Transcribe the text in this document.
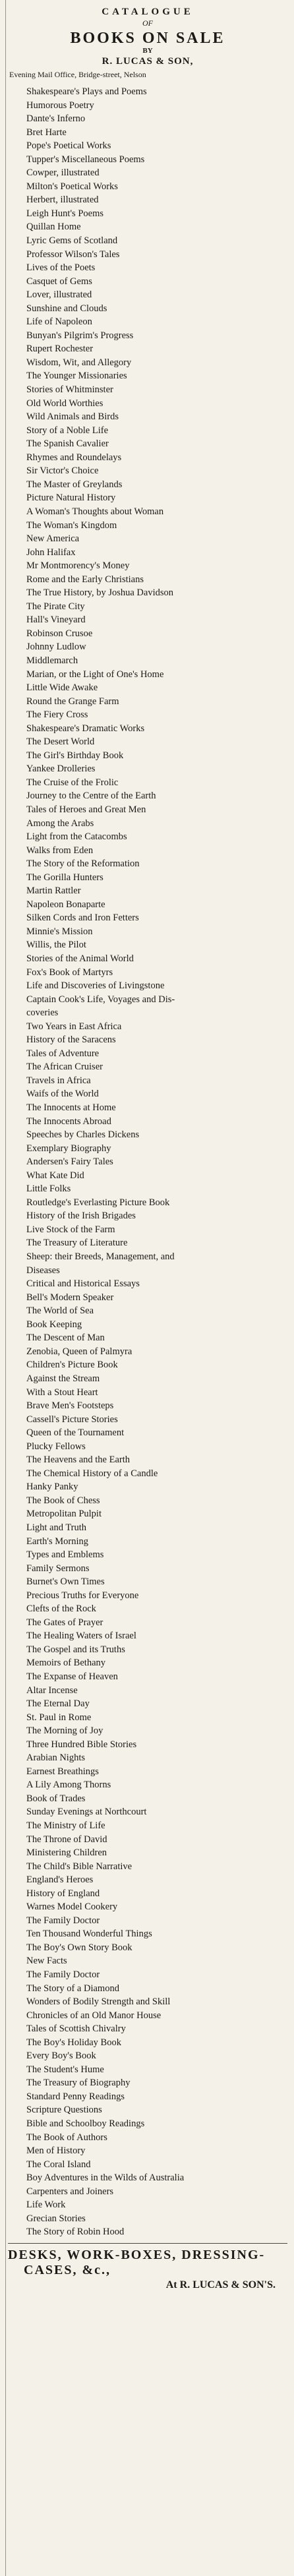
CATALOGUE
OF
BOOKS ON SALE
BY
R. LUCAS & SON,
Evening Mail Office, Bridge-street, Nelson
Shakespeare's Plays and Poems
Humorous Poetry
Dante's Inferno
Bret Harte
Pope's Poetical Works
Tupper's Miscellaneous Poems
Cowper, illustrated
Milton's Poetical Works
Herbert, illustrated
Leigh Hunt's Poems
Quillan Home
Lyric Gems of Scotland
Professor Wilson's Tales
Lives of the Poets
Casquet of Gems
Lover, illustrated
Sunshine and Clouds
Life of Napoleon
Bunyan's Pilgrim's Progress
Rupert Rochester
Wisdom, Wit, and Allegory
The Younger Missionaries
Stories of Whitminster
Old World Worthies
Wild Animals and Birds
Story of a Noble Life
The Spanish Cavalier
Rhymes and Roundelays
Sir Victor's Choice
The Master of Greylands
Picture Natural History
A Woman's Thoughts about Woman
The Woman's Kingdom
New America
John Halifax
Mr Montmorency's Money
Rome and the Early Christians
The True History, by Joshua Davidson
The Pirate City
Hall's Vineyard
Robinson Crusoe
Johnny Ludlow
Middlemarch
Marian, or the Light of One's Home
Little Wide Awake
Round the Grange Farm
The Fiery Cross
Shakespeare's Dramatic Works
The Desert World
The Girl's Birthday Book
Yankee Drolleries
The Cruise of the Frolic
Journey to the Centre of the Earth
Tales of Heroes and Great Men
Among the Arabs
Light from the Catacombs
Walks from Eden
The Story of the Reformation
The Gorilla Hunters
Martin Rattler
Napoleon Bonaparte
Silken Cords and Iron Fetters
Minnie's Mission
Willis, the Pilot
Stories of the Animal World
Fox's Book of Martyrs
Life and Discoveries of Livingstone
Captain Cook's Life, Voyages and Dis-
coveries
Two Years in East Africa
History of the Saracens
Tales of Adventure
The African Cruiser
Travels in Africa
Waifs of the World
The Innocents at Home
The Innocents Abroad
Speeches by Charles Dickens
Exemplary Biography
Andersen's Fairy Tales
What Kate Did
Little Folks
Routledge's Everlasting Picture Book
History of the Irish Brigades
Live Stock of the Farm
The Treasury of Literature
Sheep: their Breeds, Management, and
Diseases
Critical and Historical Essays
Bell's Modern Speaker
The World of Sea
Book Keeping
The Descent of Man
Zenobia, Queen of Palmyra
Children's Picture Book
Against the Stream
With a Stout Heart
Brave Men's Footsteps
Cassell's Picture Stories
Queen of the Tournament
Plucky Fellows
The Heavens and the Earth
The Chemical History of a Candle
Hanky Panky
The Book of Chess
Metropolitan Pulpit
Light and Truth
Earth's Morning
Types and Emblems
Family Sermons
Burnet's Own Times
Precious Truths for Everyone
Clefts of the Rock
The Gates of Prayer
The Healing Waters of Israel
The Gospel and its Truths
Memoirs of Bethany
The Expanse of Heaven
Altar Incense
The Eternal Day
St. Paul in Rome
The Morning of Joy
Three Hundred Bible Stories
Arabian Nights
Earnest Breathings
A Lily Among Thorns
Book of Trades
Sunday Evenings at Northcourt
The Ministry of Life
The Throne of David
Ministering Children
The Child's Bible Narrative
England's Heroes
History of England
Warnes Model Cookery
The Family Doctor
Ten Thousand Wonderful Things
The Boy's Own Story Book
New Facts
The Family Doctor
The Story of a Diamond
Wonders of Bodily Strength and Skill
Chronicles of an Old Manor House
Tales of Scottish Chivalry
The Boy's Holiday Book
Every Boy's Book
The Student's Hume
The Treasury of Biography
Standard Penny Readings
Scripture Questions
Bible and Schoolboy Readings
The Book of Authors
Men of History
The Coral Island
Boy Adventures in the Wilds of Australia
Carpenters and Joiners
Life Work
Grecian Stories
The Story of Robin Hood
DESKS, WORK-BOXES, DRESSING-
CASES, &c.,
At R. LUCAS & SON'S.
